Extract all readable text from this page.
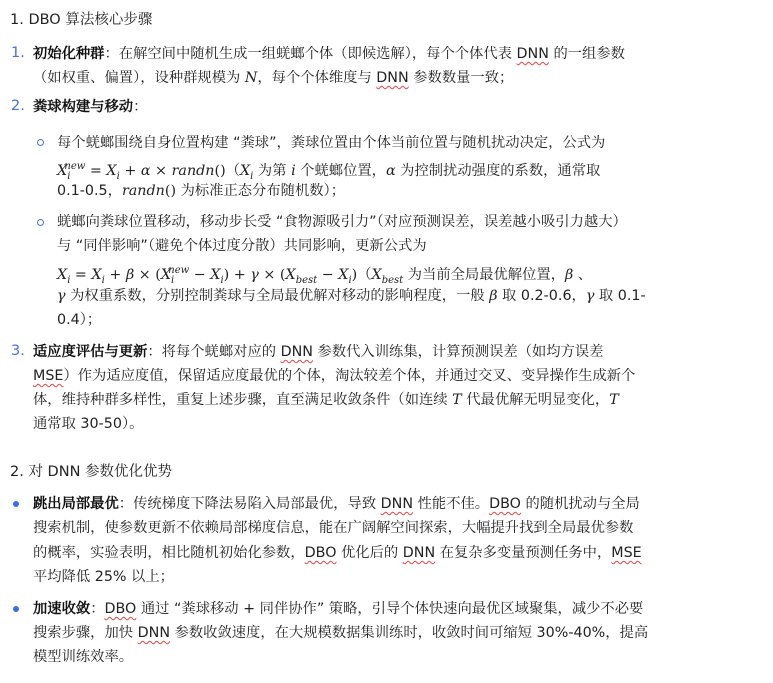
1. DBO 算法核心步骤
1. 初始化种群：在解空间中随机生成一组蜣螂个体（即候选解），每个个体代表 DNN 的一组参数
（如权重、偏置），设种群规模为 N，每个个体维度与 DNN 参数数量一致；
2. 粪球构建与移动：
每个蜣螂围绕自身位置构建 “粪球”，粪球位置由个体当前位置与随机扰动决定，公式为
$X_i^{new} = X_i + \alpha$ × $randn()(X_i$ 为第 i 个蜣螂位置，α 为控制扰动强度的系数，通常取
0.1-0.5，randn() 为标准正态分布随机数）；
蜣螂向粪球位置移动，移动步长受 “食物源吸引力”（对应预测误差，误差越小吸引力越大）
与 “同伴影响”（避免个体过度分散）共同影响，更新公式为
$X_i = X_i + \beta \times (X_i^{new} - X_i) + \gamma \times (X_{best} - X_i)(X_{best}$ 为当前全局最优解位置，β 、
γ 为权重系数，分别控制粪球与全局最优解对移动的影响程度，一般 β 取 0.2-0.6，γ 取 0.1-
0.4）；
3. 适应度评估与更新：将每个蜣螂对应的 DNN 参数代入训练集，计算预测误差（如均方误差
MSE）作为适应度值，保留适应度最优的个体，淘汰较差个体，并通过交叉、变异操作生成新个
体，维持种群多样性，重复上述步骤，直至满足收敛条件（如连续 T 代最优解无明显变化，T
通常取 30-50）。
2. 对 DNN 参数优化优势
跳出局部最优：传统梯度下降法易陷入局部最优，导致 DNN 性能不佳。DBO 的随机扰动与全局
搜索机制，使参数更新不依赖局部梯度信息，能在广阔解空间探索，大幅提升找到全局最优参数
的概率，实验表明，相比随机初始化参数，DBO 优化后的 DNN 在复杂多变量预测任务中，MSE
平均降低 25% 以上；
加速收敛：DBO 通过 “粪球移动 + 同伴协作” 策略，引导个体快速向最优区域聚集，减少不必要
搜索步骤，加快 DNN 参数收敛速度，在大规模数据集训练时，收敛时间可缩短 30%-40%，提高
模型训练效率。
